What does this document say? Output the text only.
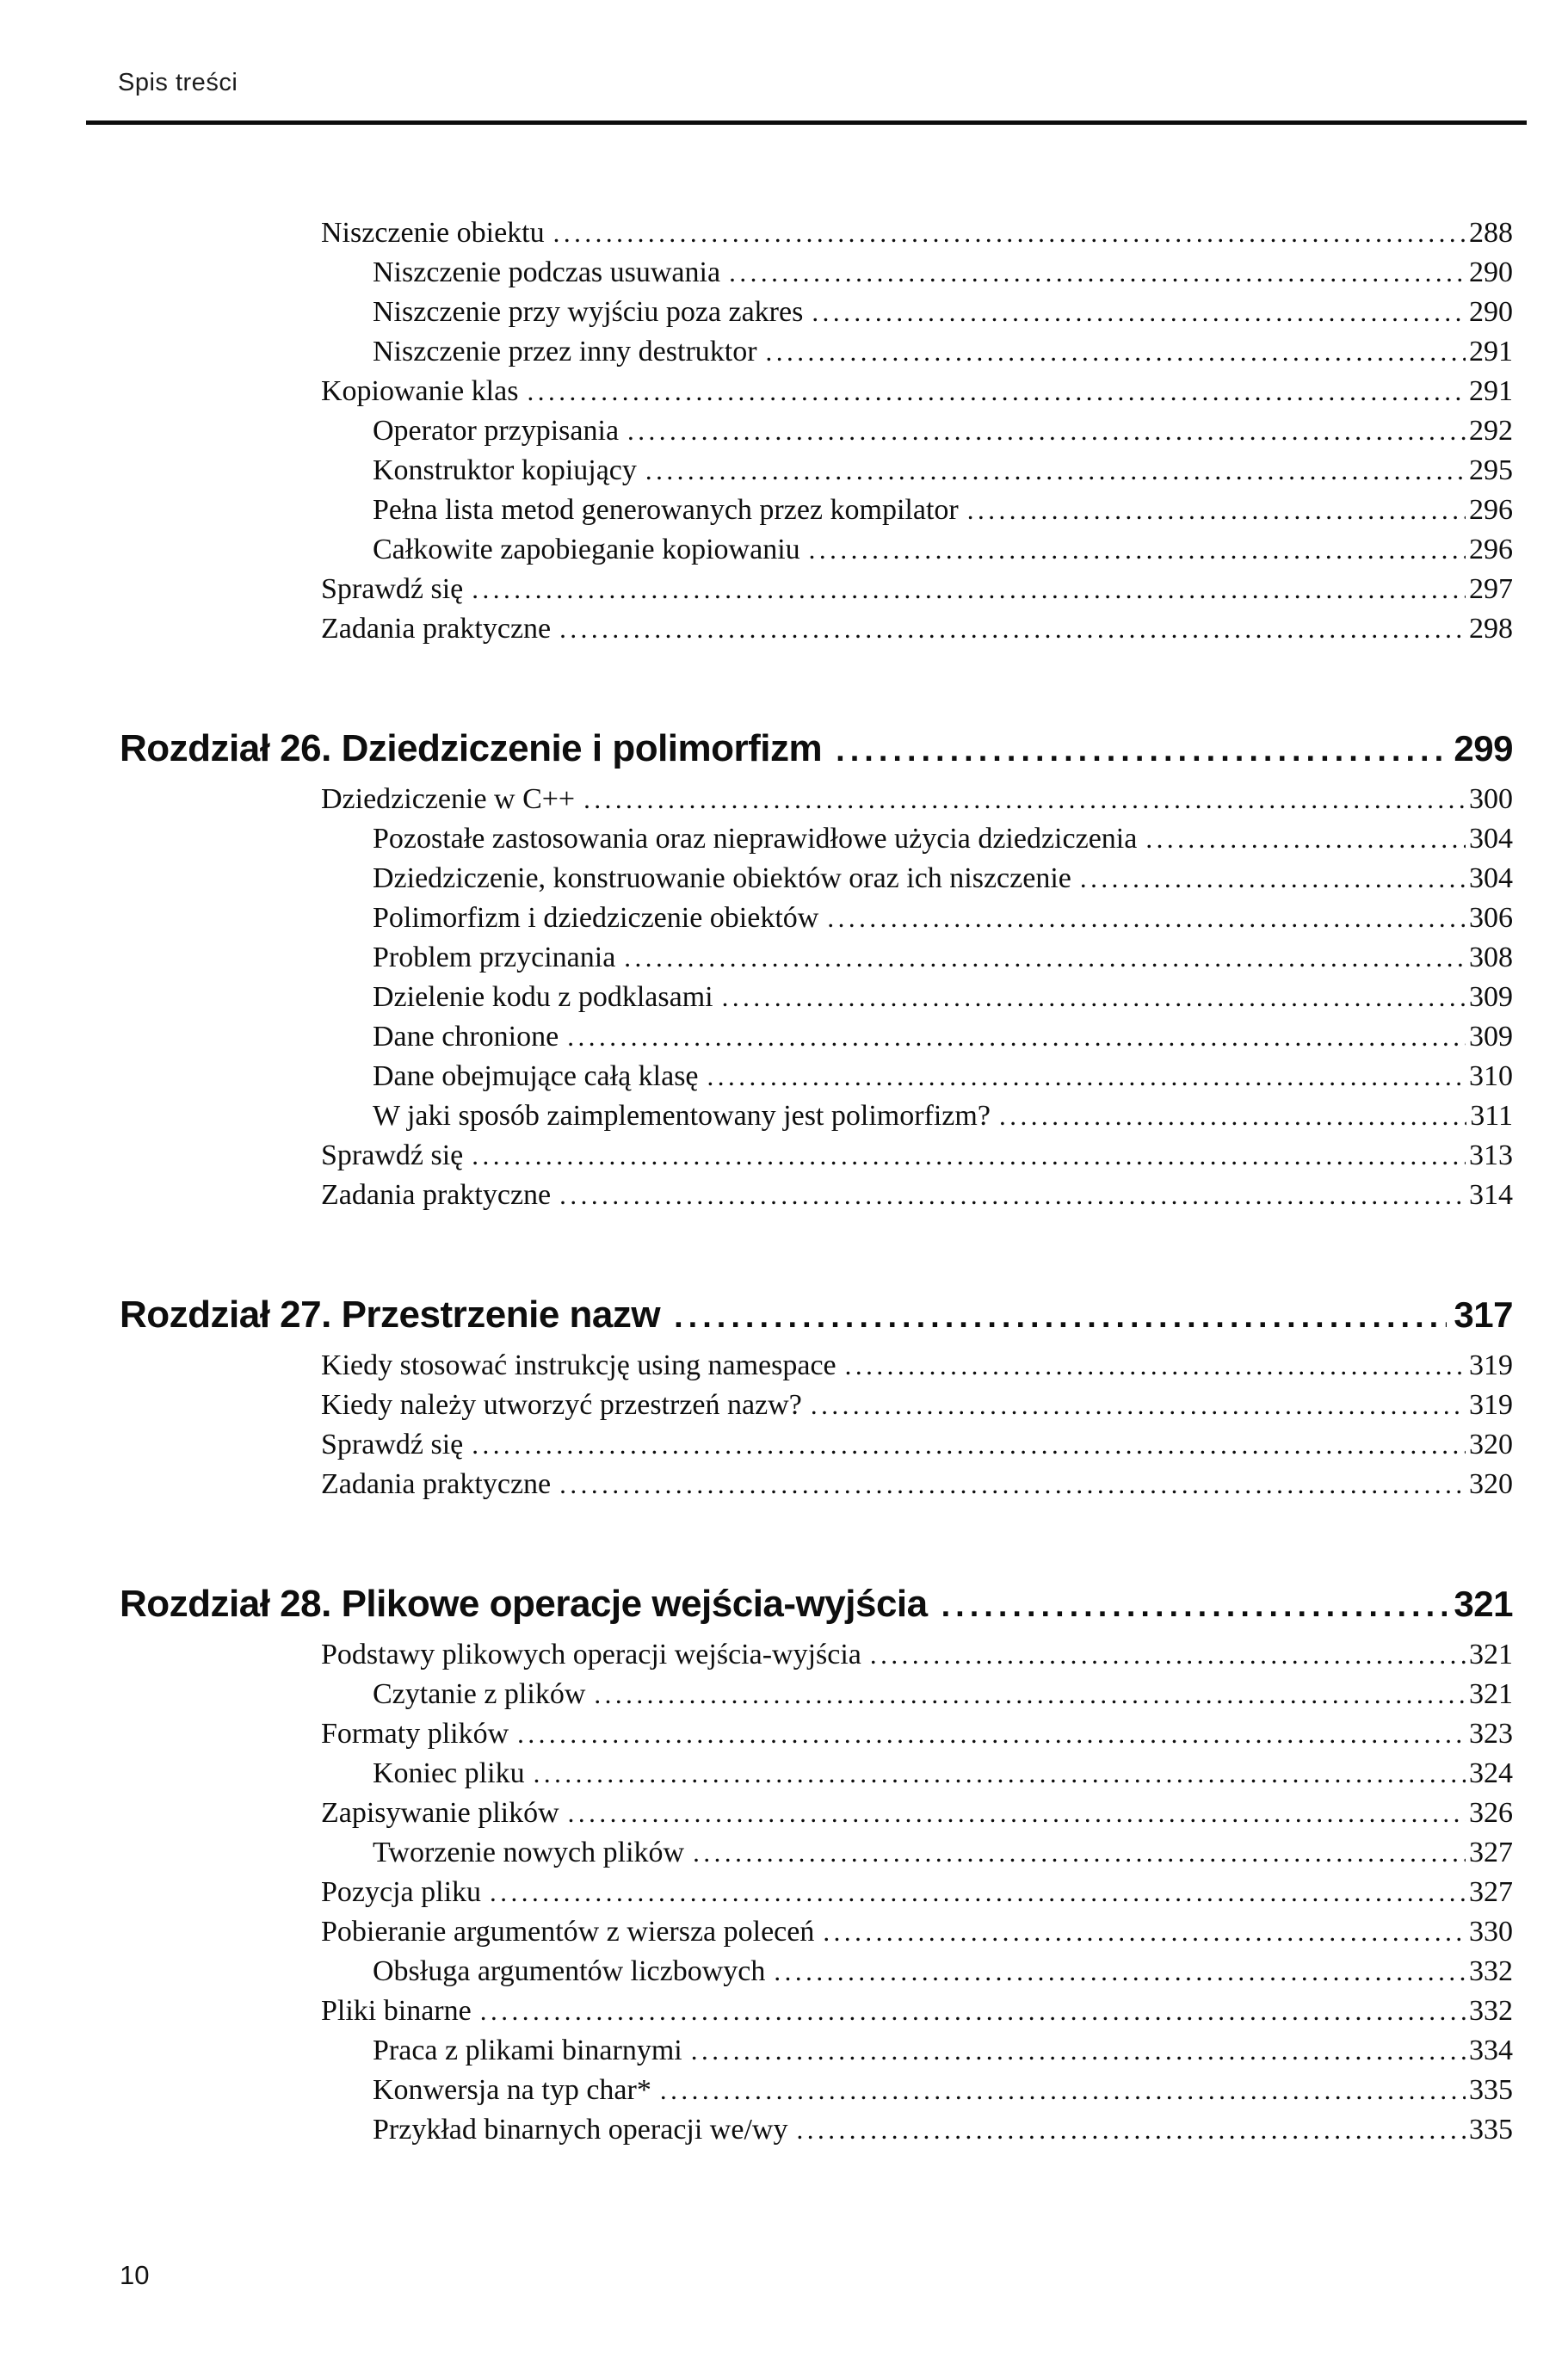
Spis treści
Niszczenie obiektu .....	288
Niszczenie podczas usuwania .....	290
Niszczenie przy wyjściu poza zakres .....	290
Niszczenie przez inny destruktor .....	291
Kopiowanie klas .....	291
Operator przypisania .....	292
Konstruktor kopiujący .....	295
Pełna lista metod generowanych przez kompilator .....	296
Całkowite zapobieganie kopiowaniu .....	296
Sprawdź się .....	297
Zadania praktyczne .....	298
Rozdział 26. Dziedziczenie i polimorfizm .....	299
Dziedziczenie w C++ .....	300
Pozostałe zastosowania oraz nieprawidłowe użycia dziedziczenia .....	304
Dziedziczenie, konstruowanie obiektów oraz ich niszczenie .....	304
Polimorfizm i dziedziczenie obiektów .....	306
Problem przycinania .....	308
Dzielenie kodu z podklasami .....	309
Dane chronione .....	309
Dane obejmujące całą klasę .....	310
W jaki sposób zaimplementowany jest polimorfizm? .....	311
Sprawdź się .....	313
Zadania praktyczne .....	314
Rozdział 27. Przestrzenie nazw .....	317
Kiedy stosować instrukcję using namespace .....	319
Kiedy należy utworzyć przestrzeń nazw? .....	319
Sprawdź się .....	320
Zadania praktyczne .....	320
Rozdział 28. Plikowe operacje wejścia-wyjścia .....	321
Podstawy plikowych operacji wejścia-wyjścia .....	321
Czytanie z plików .....	321
Formaty plików .....	323
Koniec pliku .....	324
Zapisywanie plików .....	326
Tworzenie nowych plików .....	327
Pozycja pliku .....	327
Pobieranie argumentów z wiersza poleceń .....	330
Obsługa argumentów liczbowych .....	332
Pliki binarne .....	332
Praca z plikami binarnymi .....	334
Konwersja na typ char* .....	335
Przykład binarnych operacji we/wy .....	335
10
